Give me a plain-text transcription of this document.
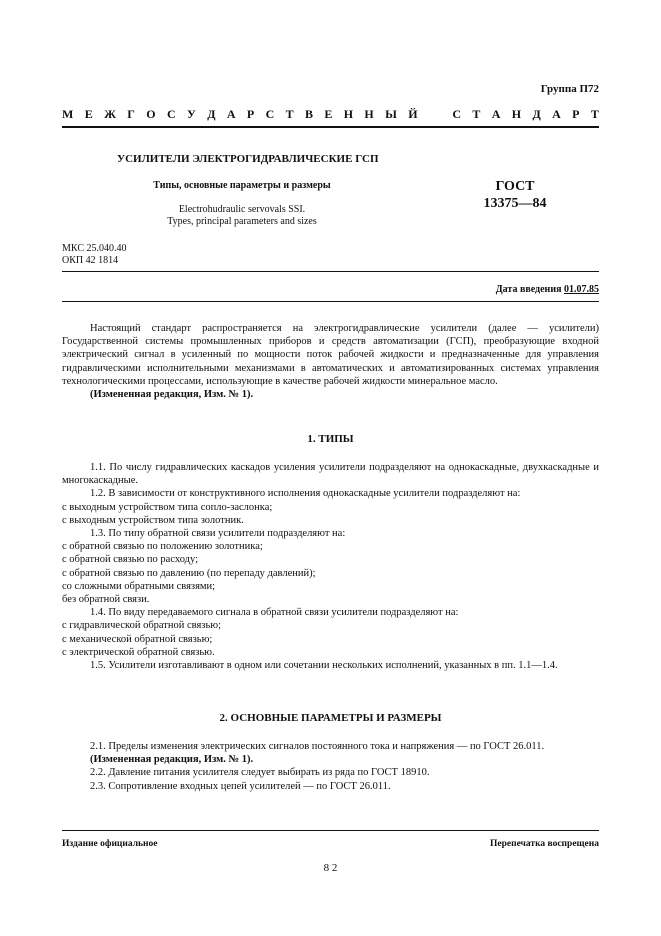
Группа П72
М Е Ж Г О С У Д А Р С Т В Е Н Н Ы Й
	С Т А Н Д А Р Т
УСИЛИТЕЛИ ЭЛЕКТРОГИДРАВЛИЧЕСКИЕ ГСП
Типы, основные параметры и размеры
Electrohudraulic servovals SSI.
Types, principal parameters and sizes
ГОСТ
13375—84
МКС 25.040.40
ОКП 42 1814
Дата введения 01.07.85

Настоящий стандарт распространяется на электрогидравлические усилители (далее — усилители) Государственной системы промышленных приборов и средств автоматизации (ГСП), преобразующие входной электрический сигнал в усиленный по мощности поток рабочей жидкости и предназначенные для управления гидравлическими исполнительными механизмами в автоматических и автоматизированных системах управления технологическими процессами, использующие в качестве рабочей жидкости минеральное масло.

(Измененная редакция, Изм. № 1).

1. ТИПЫ

1.1. По числу гидравлических каскадов усиления усилители подразделяют на однокаскадные, двухкаскадные и многокаскадные.

1.2. В зависимости от конструктивного исполнения однокаскадные усилители подразделяют на:

с выходным устройством типа сопло-заслонка;

с выходным устройством типа золотник.

1.3. По типу обратной связи усилители подразделяют на:

с обратной связью по положению золотника;

с обратной связью по расходу;

с обратной связью по давлению (по перепаду давлений);

со сложными обратными связями;

без обратной связи.

1.4. По виду передаваемого сигнала в обратной связи усилители подразделяют на:

с гидравлической обратной связью;

с механической обратной связью;

с электрической обратной связью.

1.5. Усилители изготавливают в одном или сочетании нескольких исполнений, указанных в пп. 1.1—1.4.

2. ОСНОВНЫЕ ПАРАМЕТРЫ И РАЗМЕРЫ

2.1. Пределы изменения электрических сигналов постоянного тока и напряжения — по ГОСТ 26.011.

(Измененная редакция, Изм. № 1).

2.2. Давление питания усилителя следует выбирать из ряда по ГОСТ 18910.

2.3. Сопротивление входных цепей усилителей — по ГОСТ 26.011.

Издание официальное	Перепечатка воспрещена
8 2
